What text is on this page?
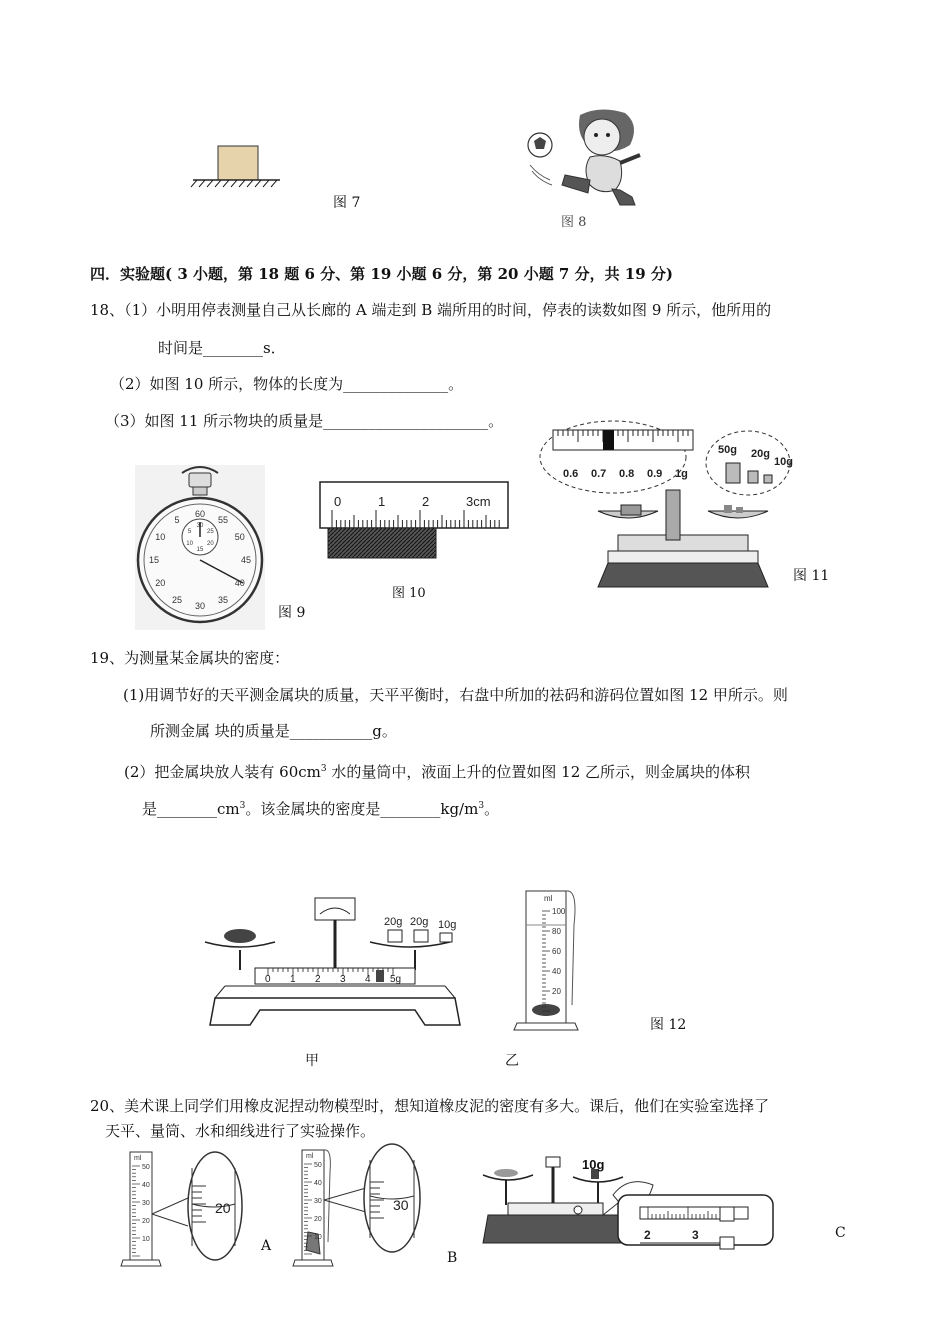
图 7
图 8
四．实验题( 3 小题，第 18 题 6 分、第 19 小题 6 分，第 20 小题 7 分，共 19 分)
18、（1）小明用停表测量自己从长廊的 A 端走到 B 端所用的时间，停表的读数如图 9 所示，他所用的
时间是________s．
（2）如图 10 所示，物体的长度为______________。
（3）如图 11 所示物块的质量是______________________。
60
55
50
45
40
35
30
25
20
15
10
5
30
25
20
15
10
5
图 9
0	1	2	3cm
图 10
0.6 0.7 0.8 0.9 1g
50g 20g
10g
图 11
19、为测量某金属块的密度：
(1)用调节好的天平测金属块的质量，天平平衡时，右盘中所加的祛码和游码位置如图 12 甲所示。则
所测金属 块的质量是___________g。
(2）把金属块放人装有 $60cm^3$ 水的量筒中，液面上升的位置如图 12 乙所示，则金属块的体积
是$\_\_\_\_\_\_\_\_cm^3$。该金属块的密度是$\_\_\_\_\_\_\_\_kg/m^3$。
20g 20g 10g
0 1 2 3 4 5g
甲
ml
100
80
60
40
20
乙
图 12
20、美术课上同学们用橡皮泥捏动物模型时，想知道橡皮泥的密度有多大。课后，他们在实验室选择了
天平、量筒、水和细线进行了实验操作。
ml
50
40
30
20
10
20
A
ml
50
40
30
20
10
30
B
10g
2	3	C
